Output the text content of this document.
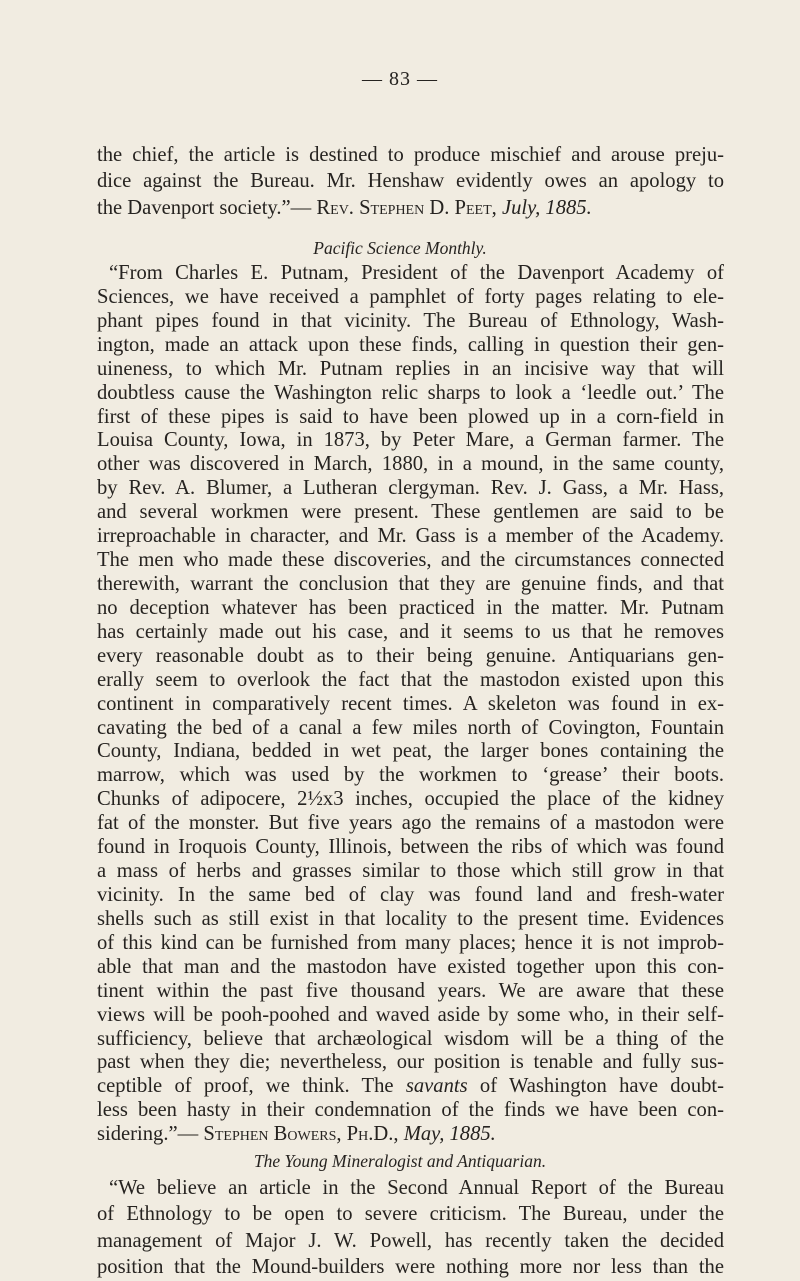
— 83 —
the chief, the article is destined to produce mischief and arouse preju-
dice against the Bureau. Mr. Henshaw evidently owes an apology to
the Davenport society.”— Rev. Stephen D. Peet, July, 1885.
Pacific Science Monthly.
“From Charles E. Putnam, President of the Davenport Academy of
Sciences, we have received a pamphlet of forty pages relating to ele-
phant pipes found in that vicinity. The Bureau of Ethnology, Wash-
ington, made an attack upon these finds, calling in question their gen-
uineness, to which Mr. Putnam replies in an incisive way that will
doubtless cause the Washington relic sharps to look a ‘leedle out.’ The
first of these pipes is said to have been plowed up in a corn-field in
Louisa County, Iowa, in 1873, by Peter Mare, a German farmer. The
other was discovered in March, 1880, in a mound, in the same county,
by Rev. A. Blumer, a Lutheran clergyman. Rev. J. Gass, a Mr. Hass,
and several workmen were present. These gentlemen are said to be
irreproachable in character, and Mr. Gass is a member of the Academy.
The men who made these discoveries, and the circumstances connected
therewith, warrant the conclusion that they are genuine finds, and that
no deception whatever has been practiced in the matter. Mr. Putnam
has certainly made out his case, and it seems to us that he removes
every reasonable doubt as to their being genuine. Antiquarians gen-
erally seem to overlook the fact that the mastodon existed upon this
continent in comparatively recent times. A skeleton was found in ex-
cavating the bed of a canal a few miles north of Covington, Fountain
County, Indiana, bedded in wet peat, the larger bones containing the
marrow, which was used by the workmen to ‘grease’ their boots.
Chunks of adipocere, 2½x3 inches, occupied the place of the kidney
fat of the monster. But five years ago the remains of a mastodon were
found in Iroquois County, Illinois, between the ribs of which was found
a mass of herbs and grasses similar to those which still grow in that
vicinity. In the same bed of clay was found land and fresh-water
shells such as still exist in that locality to the present time. Evidences
of this kind can be furnished from many places; hence it is not improb-
able that man and the mastodon have existed together upon this con-
tinent within the past five thousand years. We are aware that these
views will be pooh-poohed and waved aside by some who, in their self-
sufficiency, believe that archæological wisdom will be a thing of the
past when they die; nevertheless, our position is tenable and fully sus-
ceptible of proof, we think. The savants of Washington have doubt-
less been hasty in their condemnation of the finds we have been con-
sidering.”— Stephen Bowers, Ph.D., May, 1885.
The Young Mineralogist and Antiquarian.
“We believe an article in the Second Annual Report of the Bureau
of Ethnology to be open to severe criticism. The Bureau, under the
management of Major J. W. Powell, has recently taken the decided
position that the Mound-builders were nothing more nor less than the
